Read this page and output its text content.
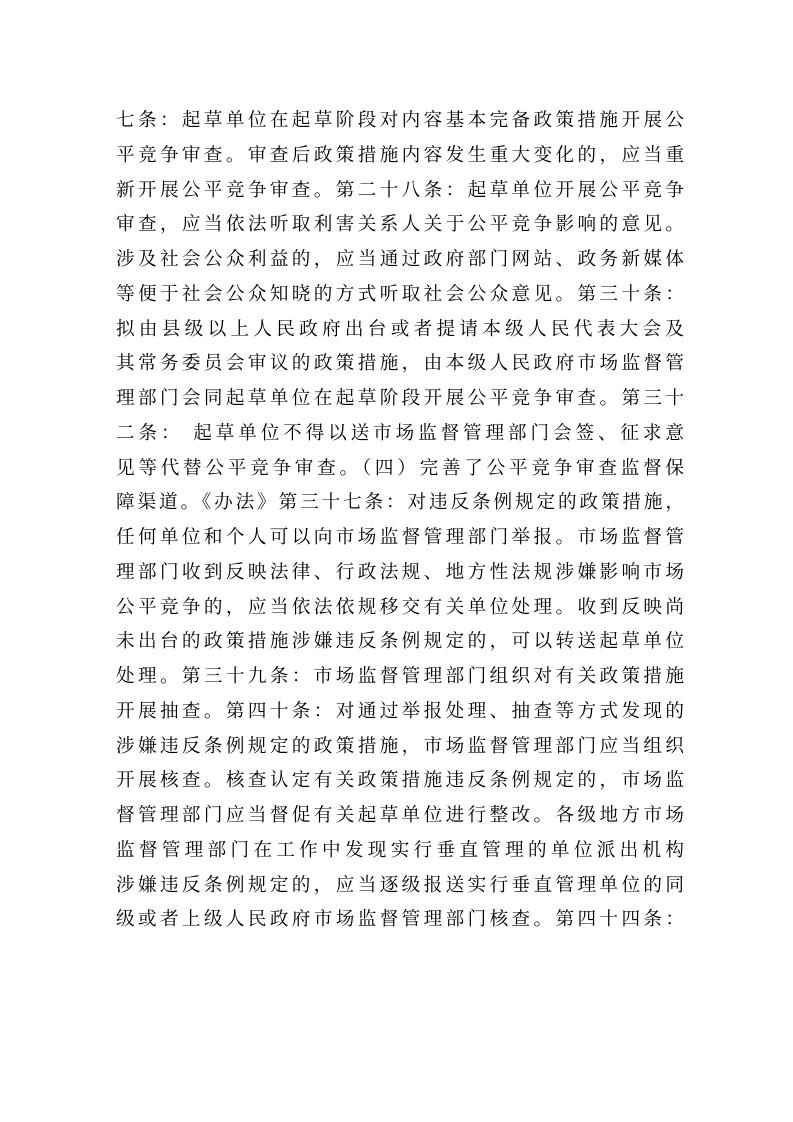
七条：起草单位在起草阶段对内容基本完备政策措施开展公
平竞争审查。审查后政策措施内容发生重大变化的，应当重
新开展公平竞争审查。第二十八条：起草单位开展公平竞争
审查，应当依法听取利害关系人关于公平竞争影响的意见。
涉及社会公众利益的，应当通过政府部门网站、政务新媒体
等便于社会公众知晓的方式听取社会公众意见。第三十条：
拟由县级以上人民政府出台或者提请本级人民代表大会及
其常务委员会审议的政策措施，由本级人民政府市场监督管
理部门会同起草单位在起草阶段开展公平竞争审查。第三十
二条： 起草单位不得以送市场监督管理部门会签、征求意
见等代替公平竞争审查。（四）完善了公平竞争审查监督保
障渠道。《办法》第三十七条：对违反条例规定的政策措施，
任何单位和个人可以向市场监督管理部门举报。市场监督管
理部门收到反映法律、行政法规、地方性法规涉嫌影响市场
公平竞争的，应当依法依规移交有关单位处理。收到反映尚
未出台的政策措施涉嫌违反条例规定的，可以转送起草单位
处理。第三十九条：市场监督管理部门组织对有关政策措施
开展抽查。第四十条：对通过举报处理、抽查等方式发现的
涉嫌违反条例规定的政策措施，市场监督管理部门应当组织
开展核查。核查认定有关政策措施违反条例规定的，市场监
督管理部门应当督促有关起草单位进行整改。各级地方市场
监督管理部门在工作中发现实行垂直管理的单位派出机构
涉嫌违反条例规定的，应当逐级报送实行垂直管理单位的同
级或者上级人民政府市场监督管理部门核查。第四十四条：
